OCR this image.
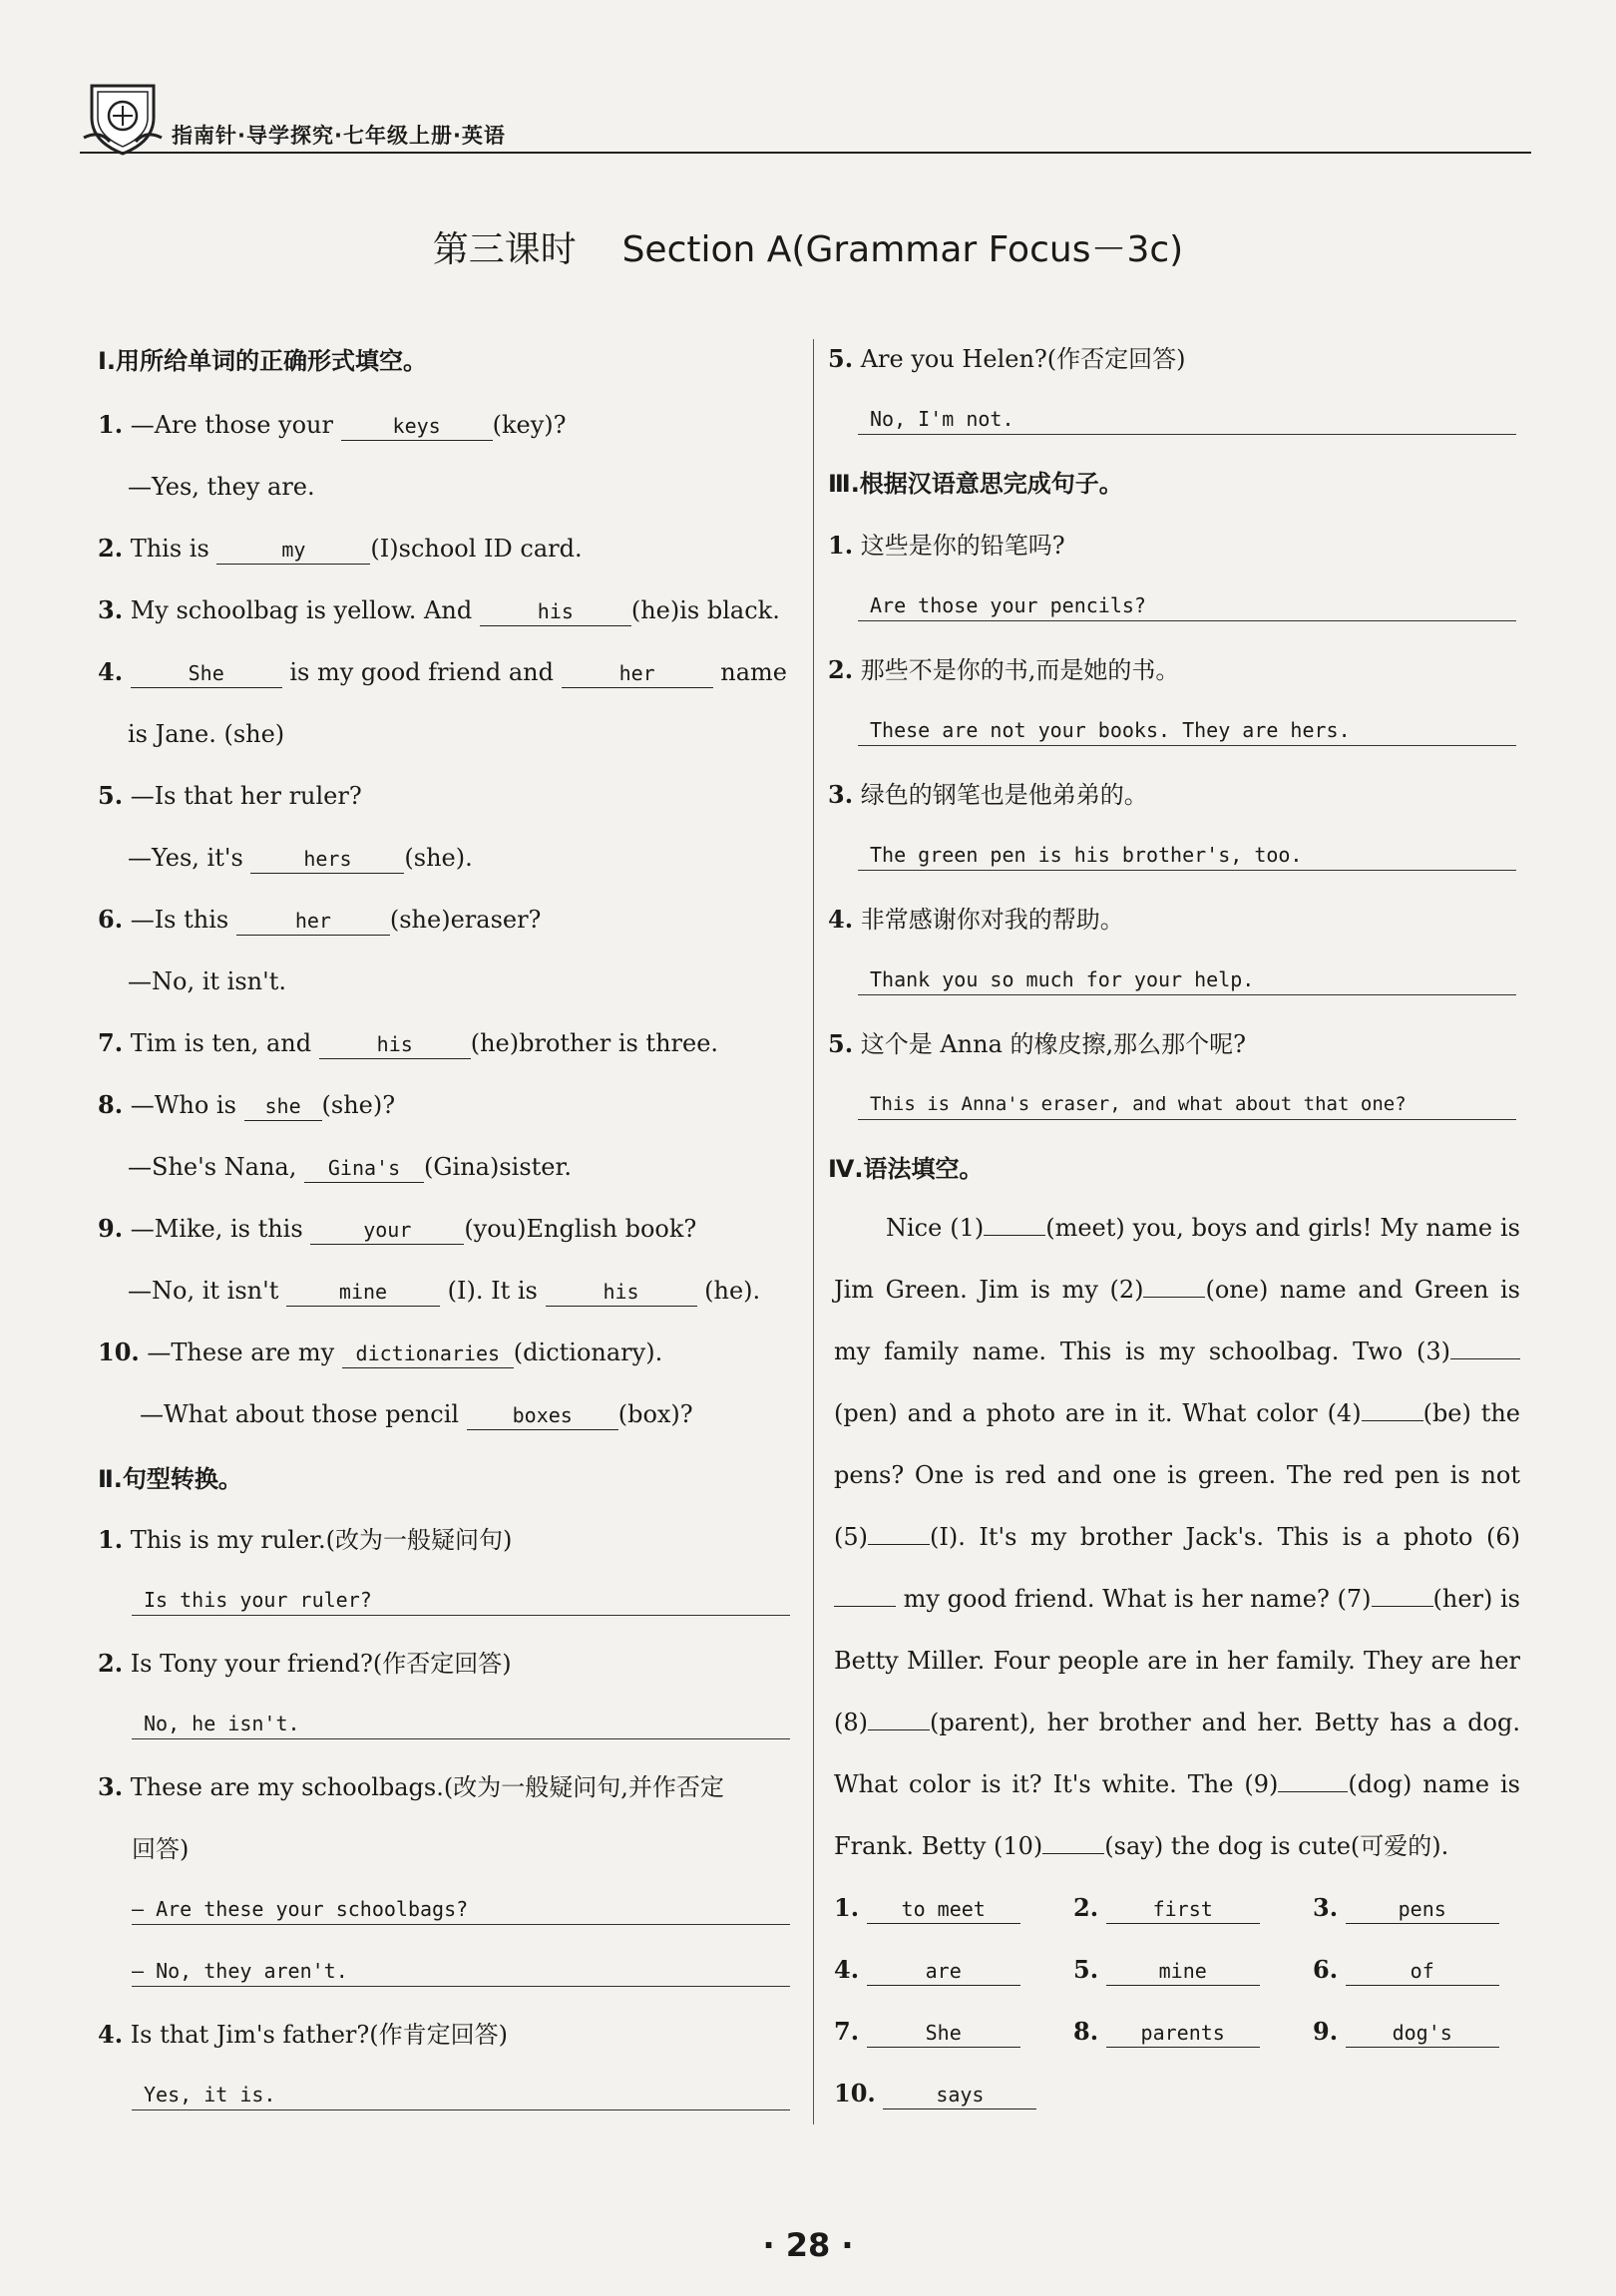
指南针·导学探究·七年级上册·英语
第三课时    Section A(Grammar Focus－3c)
Ⅰ.用所给单词的正确形式填空。
1. —Are those your	keys (key)?
—Yes, they are.
2. This is	my	(I)school ID card.
3. My schoolbag is yellow. And	his (he)is black.
4.	She	is my good friend and	her	name
is Jane. (she)
5. —Is that her ruler?
—Yes, it's	hers (she).
6. —Is this	her (she)eraser?
—No, it isn't.
7. Tim is ten, and	his (he)brother is three.
8. —Who is she (she)?
—She's Nana, Gina's (Gina)sister.
9. —Mike, is this	your (you)English book?
—No, it isn't	mine	(I). It is	his	(he).
10. —These are my dictionaries (dictionary).
—What about those pencil	boxes (box)?
Ⅱ.句型转换。
1. This is my ruler.(改为一般疑问句)
Is this your ruler?
2. Is Tony your friend?(作否定回答)
No, he isn't.
3. These are my schoolbags.(改为一般疑问句,并作否定
回答)
— Are these your schoolbags?
— No, they aren't.
4. Is that Jim's father?(作肯定回答)
Yes, it is.
5. Are you Helen?(作否定回答)
No, I'm not.
Ⅲ.根据汉语意思完成句子。
1. 这些是你的铅笔吗?
Are those your pencils?
2. 那些不是你的书,而是她的书。
These are not your books. They are hers.
3. 绿色的钢笔也是他弟弟的。
The green pen is his brother's, too.
4. 非常感谢你对我的帮助。
Thank you so much for your help.
5. 这个是 Anna 的橡皮擦,那么那个呢?
This is Anna's eraser, and what about that one?
Ⅳ.语法填空。
Nice (1)	(meet) you, boys and girls! My name is Jim Green. Jim is my (2)	(one) name and Green is my family name. This is my schoolbag. Two (3) (pen) and a photo are in it. What color (4)	(be) the pens? One is red and one is green. The red pen is not (5)	(I). It's my brother Jack's. This is a photo (6) my good friend. What is her name? (7)	(her) is Betty Miller. Four people are in her family. They are her (8)	(parent), her brother and her. Betty has a dog. What color is it? It's white. The (9)	(dog) name is Frank. Betty (10)	(say) the dog is cute(可爱的).
1. to meet	2.	first	3.	pens
4.	are	5.	mine	6.	of
7.	She	8. parents	9.	dog's
10.	says
· 28 ·
